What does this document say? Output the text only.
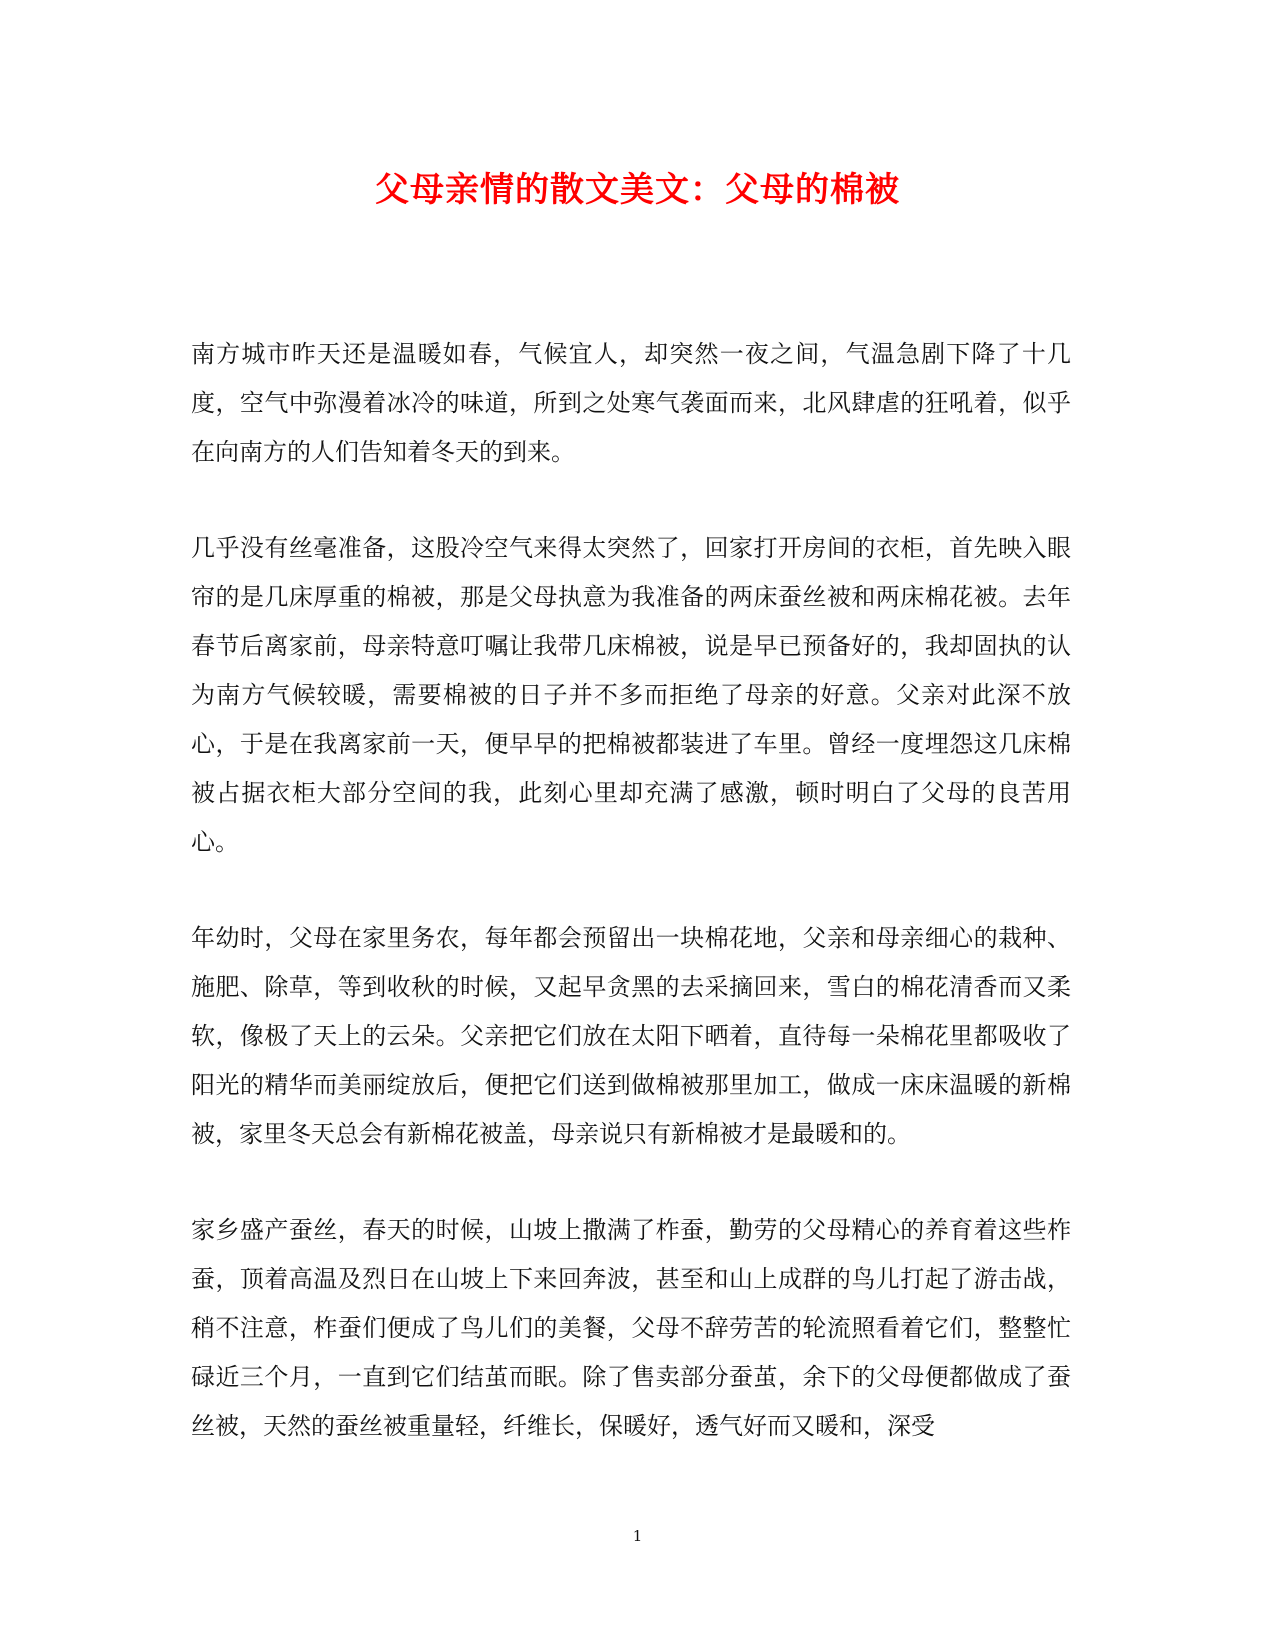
父母亲情的散文美文：父母的棉被

南方城市昨天还是温暖如春，气候宜人，却突然一夜之间，气温急剧下降了十几度，空气中弥漫着冰冷的味道，所到之处寒气袭面而来，北风肆虐的狂吼着，似乎在向南方的人们告知着冬天的到来。

几乎没有丝毫准备，这股冷空气来得太突然了，回家打开房间的衣柜，首先映入眼帘的是几床厚重的棉被，那是父母执意为我准备的两床蚕丝被和两床棉花被。去年春节后离家前，母亲特意叮嘱让我带几床棉被，说是早已预备好的，我却固执的认为南方气候较暖，需要棉被的日子并不多而拒绝了母亲的好意。父亲对此深不放心，于是在我离家前一天，便早早的把棉被都装进了车里。曾经一度埋怨这几床棉被占据衣柜大部分空间的我，此刻心里却充满了感激，顿时明白了父母的良苦用心。

年幼时，父母在家里务农，每年都会预留出一块棉花地，父亲和母亲细心的栽种、施肥、除草，等到收秋的时候，又起早贪黑的去采摘回来，雪白的棉花清香而又柔软，像极了天上的云朵。父亲把它们放在太阳下晒着，直待每一朵棉花里都吸收了阳光的精华而美丽绽放后，便把它们送到做棉被那里加工，做成一床床温暖的新棉被，家里冬天总会有新棉花被盖，母亲说只有新棉被才是最暖和的。

家乡盛产蚕丝，春天的时候，山坡上撒满了柞蚕，勤劳的父母精心的养育着这些柞蚕，顶着高温及烈日在山坡上下来回奔波，甚至和山上成群的鸟儿打起了游击战，稍不注意，柞蚕们便成了鸟儿们的美餐，父母不辞劳苦的轮流照看着它们，整整忙碌近三个月，一直到它们结茧而眠。除了售卖部分蚕茧，余下的父母便都做成了蚕丝被，天然的蚕丝被重量轻，纤维长，保暖好，透气好而又暖和，深受

1
